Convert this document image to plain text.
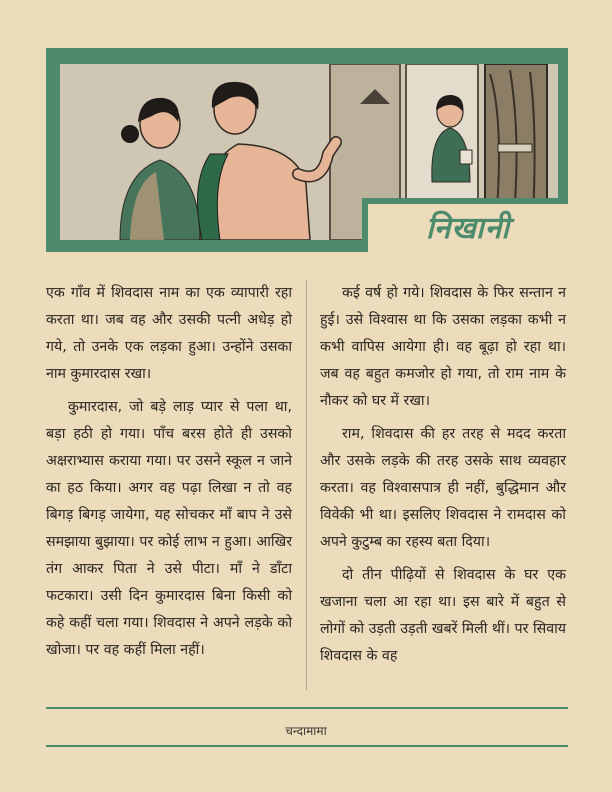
निखानी

एक गाँव में शिवदास नाम का एक व्यापारी रहा करता था। जब वह और उसकी पत्नी अधेड़ हो गये, तो उनके एक लड़का हुआ। उन्होंने उसका नाम कुमारदास रखा।

कुमारदास, जो बड़े लाड़ प्यार से पला था, बड़ा हठी हो गया। पाँच बरस होते ही उसको अक्षराभ्यास कराया गया। पर उसने स्कूल न जाने का हठ किया। अगर वह पढ़ा लिखा न तो वह बिगड़ बिगड़ जायेगा, यह सोचकर माँ बाप ने उसे समझाया बुझाया। पर कोई लाभ न हुआ। आखिर तंग आकर पिता ने उसे पीटा। माँ ने डाँटा फटकारा। उसी दिन कुमारदास बिना किसी को कहे कहीं चला गया। शिवदास ने अपने लड़के को खोजा। पर वह कहीं मिला नहीं।

कई वर्ष हो गये। शिवदास के फिर सन्तान न हुई। उसे विश्वास था कि उसका लड़का कभी न कभी वापिस आयेगा ही। वह बूढ़ा हो रहा था। जब वह बहुत कमजोर हो गया, तो राम नाम के नौकर को घर में रखा।

राम, शिवदास की हर तरह से मदद करता और उसके लड़के की तरह उसके साथ व्यवहार करता। वह विश्वासपात्र ही नहीं, बुद्धिमान और विवेकी भी था। इसलिए शिवदास ने रामदास को अपने कुटुम्ब का रहस्य बता दिया।

दो तीन पीढ़ियों से शिवदास के घर एक खजाना चला आ रहा था। इस बारे में बहुत से लोगों को उड़ती उड़ती खबरें मिली थीं। पर सिवाय शिवदास के वह

चन्दामामा
